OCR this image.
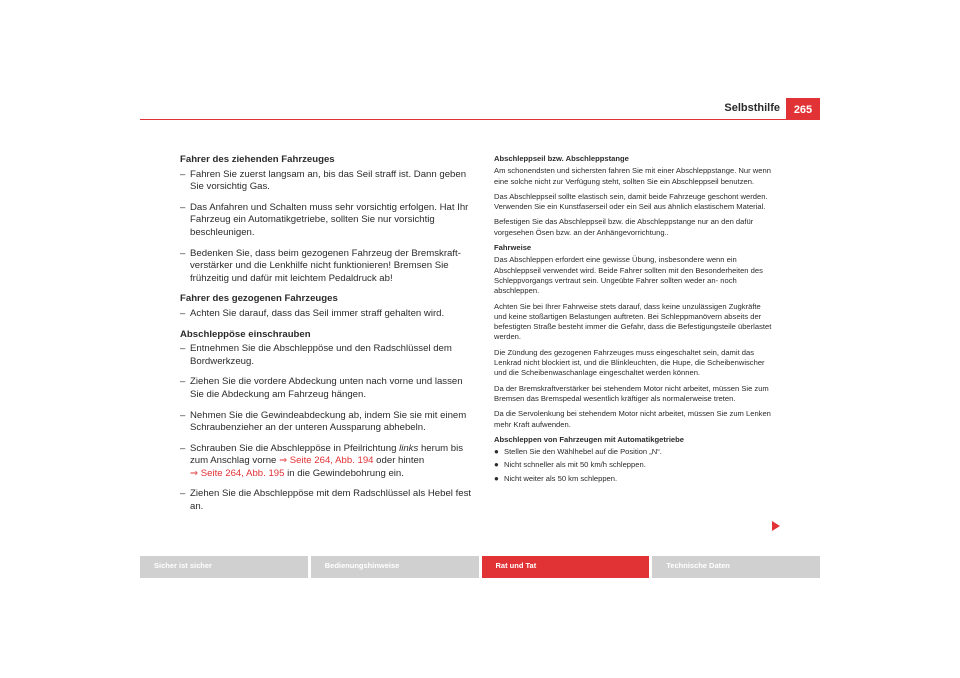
Selbsthilfe	265
Fahrer des ziehenden Fahrzeuges
– Fahren Sie zuerst langsam an, bis das Seil straff ist. Dann geben Sie vorsichtig Gas.
– Das Anfahren und Schalten muss sehr vorsichtig erfolgen. Hat Ihr Fahrzeug ein Automatikgetriebe, sollten Sie nur vorsichtig beschleunigen.
– Bedenken Sie, dass beim gezogenen Fahrzeug der Bremskraftverstärker und die Lenkhilfe nicht funktionieren! Bremsen Sie frühzeitig und dafür mit leichtem Pedaldruck ab!
Fahrer des gezogenen Fahrzeuges
– Achten Sie darauf, dass das Seil immer straff gehalten wird.
Abschleppöse einschrauben
– Entnehmen Sie die Abschleppöse und den Radschlüssel dem Bordwerkzeug.
– Ziehen Sie die vordere Abdeckung unten nach vorne und lassen Sie die Abdeckung am Fahrzeug hängen.
– Nehmen Sie die Gewindeabdeckung ab, indem Sie sie mit einem Schraubenzieher an der unteren Aussparung abhebeln.
– Schrauben Sie die Abschleppöse in Pfeilrichtung links herum bis zum Anschlag vorne ⇒ Seite 264, Abb. 194 oder hinten
⇒ Seite 264, Abb. 195 in die Gewindebohrung ein.
– Ziehen Sie die Abschleppöse mit dem Radschlüssel als Hebel fest an.
Abschleppseil bzw. Abschleppstange

Am schonendsten und sichersten fahren Sie mit einer Abschleppstange. Nur wenn eine solche nicht zur Verfügung steht, sollten Sie ein Abschleppseil benutzen.

Das Abschleppseil sollte elastisch sein, damit beide Fahrzeuge geschont werden. Verwenden Sie ein Kunstfaserseil oder ein Seil aus ähnlich elastischem Material.

Befestigen Sie das Abschleppseil bzw. die Abschleppstange nur an den dafür vorgesehen Ösen bzw. an der Anhängevorrichtung..

Fahrweise

Das Abschleppen erfordert eine gewisse Übung, insbesondere wenn ein Abschleppseil verwendet wird. Beide Fahrer sollten mit den Besonderheiten des Schleppvorgangs vertraut sein. Ungeübte Fahrer sollten weder an- noch abschleppen.

Achten Sie bei Ihrer Fahrweise stets darauf, dass keine unzulässigen Zugkräfte und keine stoßartigen Belastungen auftreten. Bei Schleppmanövern abseits der befestigten Straße besteht immer die Gefahr, dass die Befestigungsteile überlastet werden.

Die Zündung des gezogenen Fahrzeuges muss eingeschaltet sein, damit das Lenkrad nicht blockiert ist, und die Blinkleuchten, die Hupe, die Scheibenwischer und die Scheibenwaschanlage eingeschaltet werden können.

Da der Bremskraftverstärker bei stehendem Motor nicht arbeitet, müssen Sie zum Bremsen das Bremspedal wesentlich kräftiger als normalerweise treten.

Da die Servolenkung bei stehendem Motor nicht arbeitet, müssen Sie zum Lenken mehr Kraft aufwenden.

Abschleppen von Fahrzeugen mit Automatikgetriebe
● Stellen Sie den Wählhebel auf die Position „N“.
● Nicht schneller als mit 50 km/h schleppen.
● Nicht weiter als 50 km schleppen.
Sicher ist sicher	Bedienungshinweise	Rat und Tat	Technische Daten
